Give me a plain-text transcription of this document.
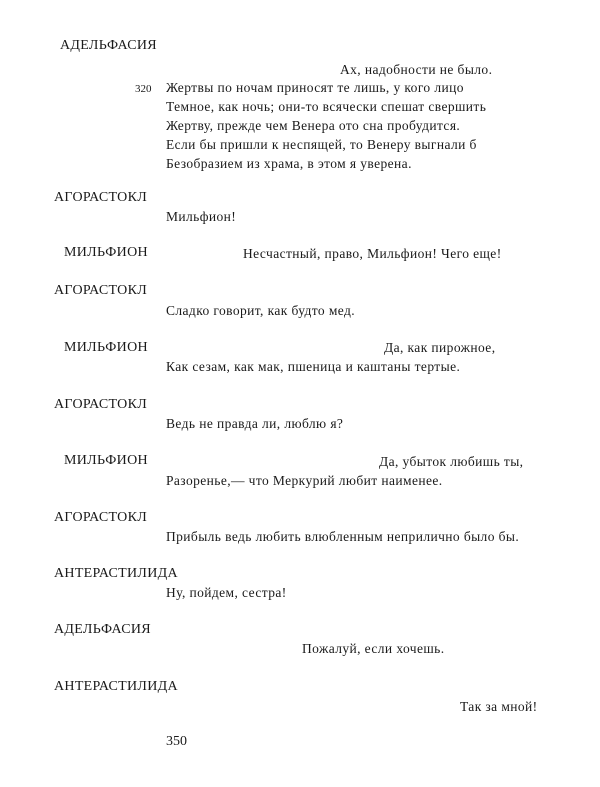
АДЕЛЬФАСИЯ
Ах, надобности не было.
320 Жертвы по ночам приносят те лишь, у кого лицо
Темное, как ночь; они-то всячески спешат свершить
Жертву, прежде чем Венера ото сна пробудится.
Если бы пришли к неспящей, то Венеру выгнали б
Безобразием из храма, в этом я уверена.
АГОРАСТОКЛ
Мильфион!
МИЛЬФИОН	Несчастный, право, Мильфион! Чего еще!
АГОРАСТОКЛ
Сладко говорит, как будто мед.
МИЛЬФИОН	Да, как пирожное,
Как сезам, как мак, пшеница и каштаны тертые.
АГОРАСТОКЛ
Ведь не правда ли, люблю я?
МИЛЬФИОН	Да, убыток любишь ты,
Разоренье,— что Меркурий любит наименее.
АГОРАСТОКЛ
Прибыль ведь любить влюбленным неприлично было бы.
АНТЕРАСТИЛИДА
Ну, пойдем, сестра!
АДЕЛЬФАСИЯ
Пожалуй, если хочешь.
АНТЕРАСТИЛИДА
Так за мной!
350
